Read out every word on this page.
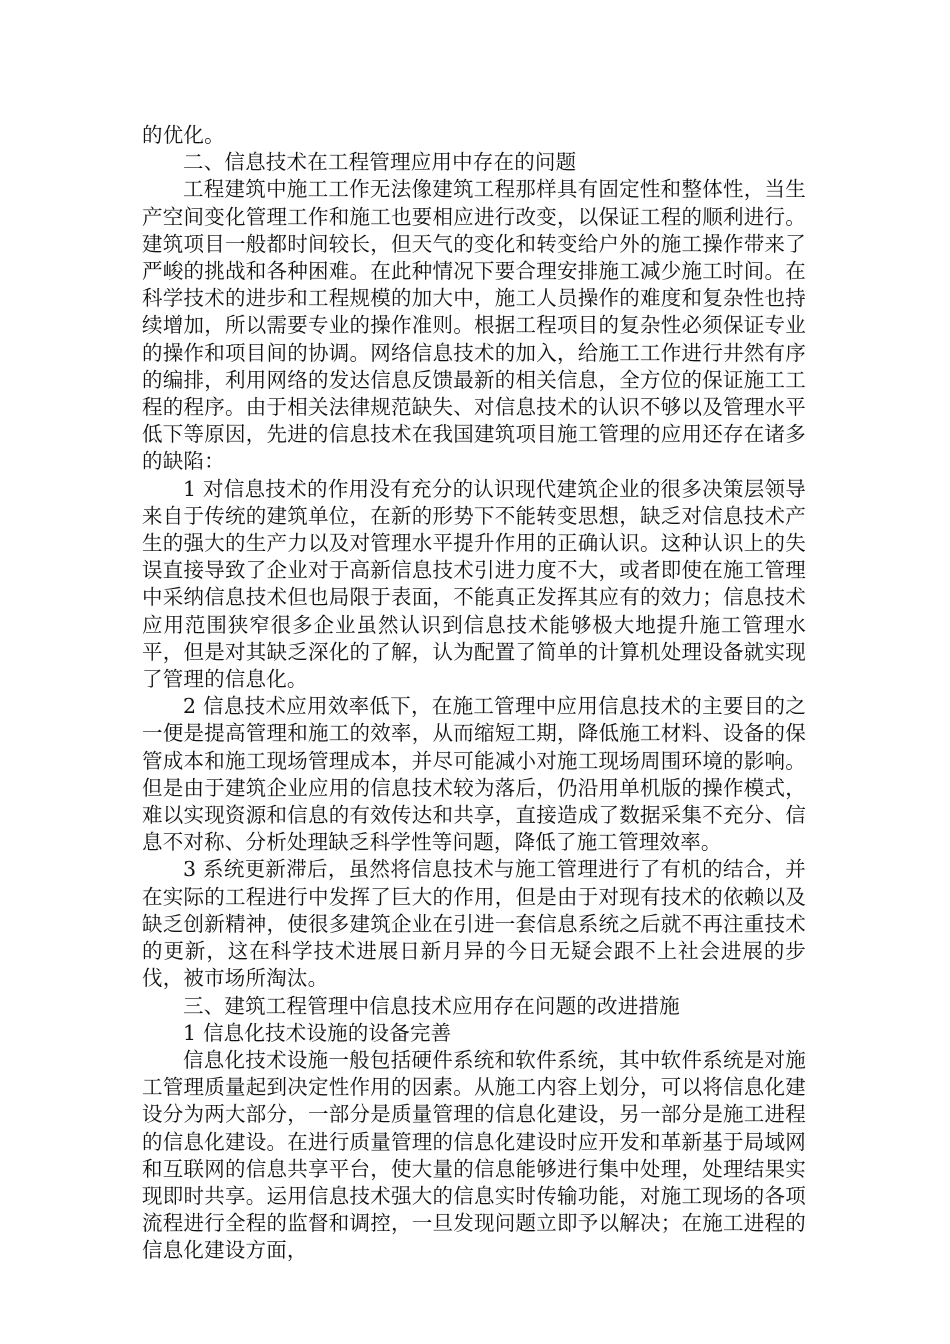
的优化。

二、信息技术在工程管理应用中存在的问题

工程建筑中施工工作无法像建筑工程那样具有固定性和整体性，当生产空间变化管理工作和施工也要相应进行改变，以保证工程的顺利进行。建筑项目一般都时间较长，但天气的变化和转变给户外的施工操作带来了严峻的挑战和各种困难。在此种情况下要合理安排施工减少施工时间。在科学技术的进步和工程规模的加大中，施工人员操作的难度和复杂性也持续增加，所以需要专业的操作准则。根据工程项目的复杂性必须保证专业的操作和项目间的协调。网络信息技术的加入，给施工工作进行井然有序的编排，利用网络的发达信息反馈最新的相关信息，全方位的保证施工工程的程序。由于相关法律规范缺失、对信息技术的认识不够以及管理水平低下等原因，先进的信息技术在我国建筑项目施工管理的应用还存在诸多的缺陷：

1 对信息技术的作用没有充分的认识现代建筑企业的很多决策层领导来自于传统的建筑单位，在新的形势下不能转变思想，缺乏对信息技术产生的强大的生产力以及对管理水平提升作用的正确认识。这种认识上的失误直接导致了企业对于高新信息技术引进力度不大，或者即使在施工管理中采纳信息技术但也局限于表面，不能真正发挥其应有的效力；信息技术应用范围狭窄很多企业虽然认识到信息技术能够极大地提升施工管理水平，但是对其缺乏深化的了解，认为配置了简单的计算机处理设备就实现了管理的信息化。

2 信息技术应用效率低下，在施工管理中应用信息技术的主要目的之一便是提高管理和施工的效率，从而缩短工期，降低施工材料、设备的保管成本和施工现场管理成本，并尽可能减小对施工现场周围环境的影响。但是由于建筑企业应用的信息技术较为落后，仍沿用单机版的操作模式，难以实现资源和信息的有效传达和共享，直接造成了数据采集不充分、信息不对称、分析处理缺乏科学性等问题，降低了施工管理效率。

3 系统更新滞后，虽然将信息技术与施工管理进行了有机的结合，并在实际的工程进行中发挥了巨大的作用，但是由于对现有技术的依赖以及缺乏创新精神，使很多建筑企业在引进一套信息系统之后就不再注重技术的更新，这在科学技术进展日新月异的今日无疑会跟不上社会进展的步伐，被市场所淘汰。

三、建筑工程管理中信息技术应用存在问题的改进措施

1 信息化技术设施的设备完善

信息化技术设施一般包括硬件系统和软件系统，其中软件系统是对施工管理质量起到决定性作用的因素。从施工内容上划分，可以将信息化建设分为两大部分，一部分是质量管理的信息化建设，另一部分是施工进程的信息化建设。在进行质量管理的信息化建设时应开发和革新基于局域网和互联网的信息共享平台，使大量的信息能够进行集中处理，处理结果实现即时共享。运用信息技术强大的信息实时传输功能，对施工现场的各项流程进行全程的监督和调控，一旦发现问题立即予以解决；在施工进程的信息化建设方面，
